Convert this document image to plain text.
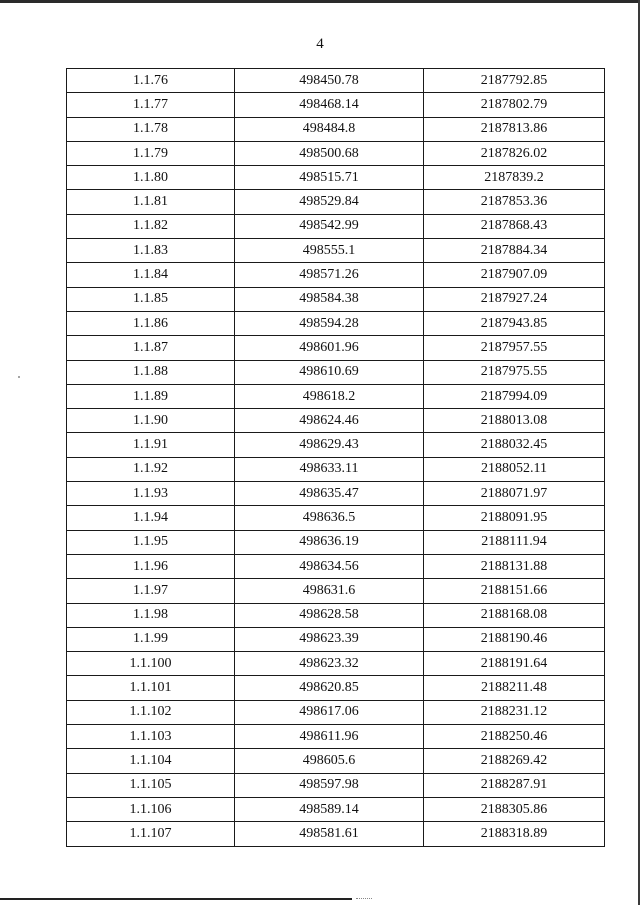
4
1.1.76	498450.78	2187792.85
1.1.77	498468.14	2187802.79
1.1.78	498484.8	2187813.86
1.1.79	498500.68	2187826.02
1.1.80	498515.71	2187839.2
1.1.81	498529.84	2187853.36
1.1.82	498542.99	2187868.43
1.1.83	498555.1	2187884.34
1.1.84	498571.26	2187907.09
1.1.85	498584.38	2187927.24
1.1.86	498594.28	2187943.85
1.1.87	498601.96	2187957.55
1.1.88	498610.69	2187975.55
1.1.89	498618.2	2187994.09
1.1.90	498624.46	2188013.08
1.1.91	498629.43	2188032.45
1.1.92	498633.11	2188052.11
1.1.93	498635.47	2188071.97
1.1.94	498636.5	2188091.95
1.1.95	498636.19	2188111.94
1.1.96	498634.56	2188131.88
1.1.97	498631.6	2188151.66
1.1.98	498628.58	2188168.08
1.1.99	498623.39	2188190.46
1.1.100	498623.32	2188191.64
1.1.101	498620.85	2188211.48
1.1.102	498617.06	2188231.12
1.1.103	498611.96	2188250.46
1.1.104	498605.6	2188269.42
1.1.105	498597.98	2188287.91
1.1.106	498589.14	2188305.86
1.1.107	498581.61	2188318.89
